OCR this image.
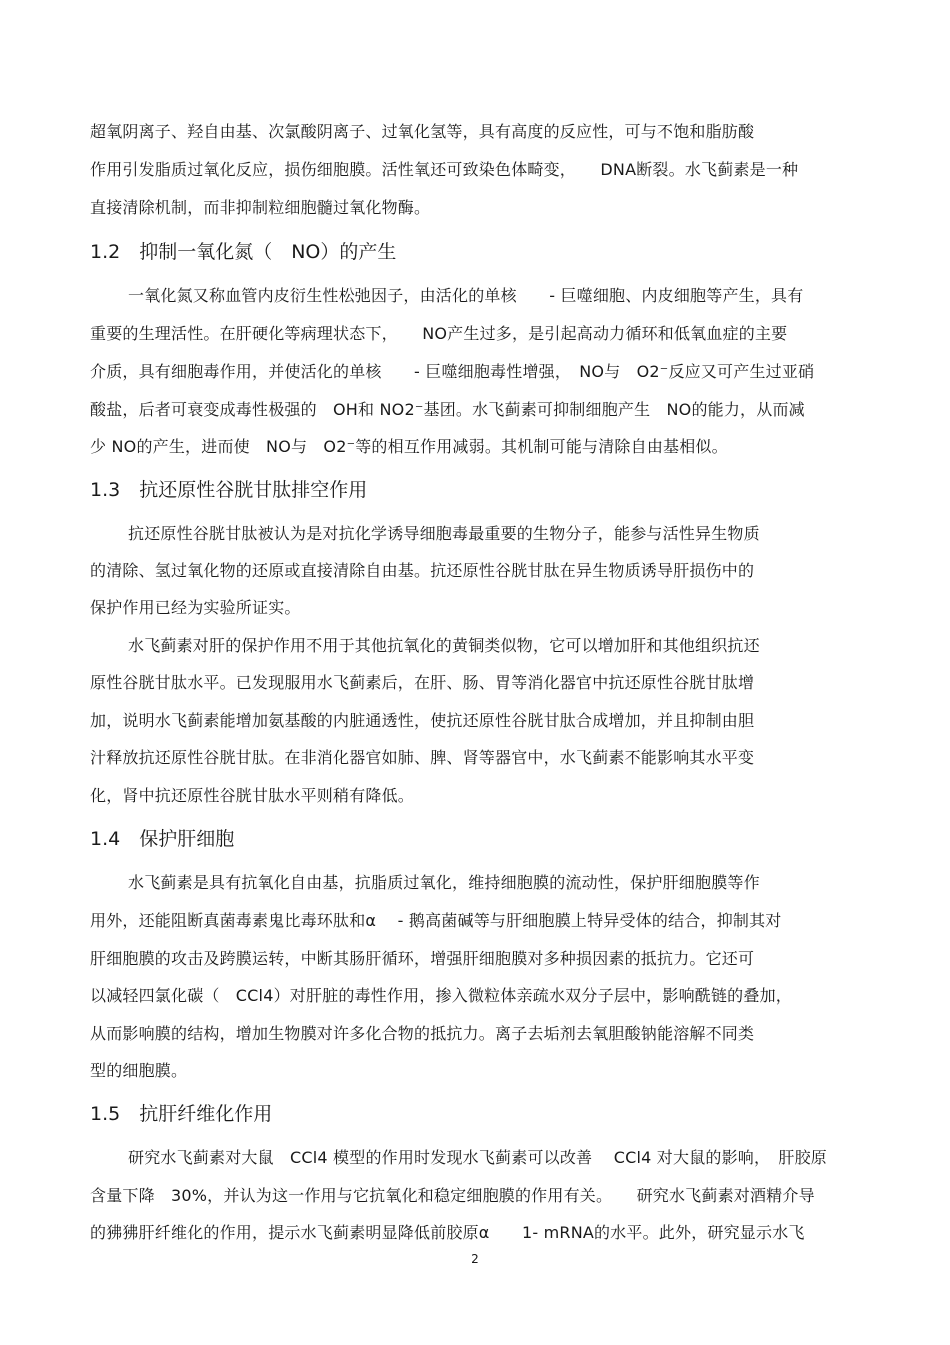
超氧阴离子、羟自由基、次氯酸阴离子、过氧化氢等，具有高度的反应性，可与不饱和脂肪酸
作用引发脂质过氧化反应，损伤细胞膜。活性氧还可致染色体畸变，　　DNA断裂。水飞蓟素是一种
直接清除机制，而非抑制粒细胞髓过氧化物酶。
1.2　抑制一氧化氮（　NO）的产生
一氧化氮又称血管内皮衍生性松弛因子，由活化的单核　　- 巨噬细胞、内皮细胞等产生，具有
重要的生理活性。在肝硬化等病理状态下，　　NO产生过多，是引起高动力循环和低氧血症的主要
介质，具有细胞毒作用，并使活化的单核　　- 巨噬细胞毒性增强，　NO与　O2⁻反应又可产生过亚硝
酸盐，后者可衰变成毒性极强的　OH和 NO2⁻基团。水飞蓟素可抑制细胞产生　NO的能力，从而减
少 NO的产生，进而使　NO与　O2⁻等的相互作用减弱。其机制可能与清除自由基相似。
1.3　抗还原性谷胱甘肽排空作用
抗还原性谷胱甘肽被认为是对抗化学诱导细胞毒最重要的生物分子，能参与活性异生物质
的清除、氢过氧化物的还原或直接清除自由基。抗还原性谷胱甘肽在异生物质诱导肝损伤中的
保护作用已经为实验所证实。
水飞蓟素对肝的保护作用不用于其他抗氧化的黄铜类似物，它可以增加肝和其他组织抗还
原性谷胱甘肽水平。已发现服用水飞蓟素后，在肝、肠、胃等消化器官中抗还原性谷胱甘肽增
加，说明水飞蓟素能增加氨基酸的内脏通透性，使抗还原性谷胱甘肽合成增加，并且抑制由胆
汁释放抗还原性谷胱甘肽。在非消化器官如肺、脾、肾等器官中，水飞蓟素不能影响其水平变
化，肾中抗还原性谷胱甘肽水平则稍有降低。
1.4　保护肝细胞
水飞蓟素是具有抗氧化自由基，抗脂质过氧化，维持细胞膜的流动性，保护肝细胞膜等作
用外，还能阻断真菌毒素鬼比毒环肽和α　 - 鹅高菌碱等与肝细胞膜上特异受体的结合，抑制其对
肝细胞膜的攻击及跨膜运转，中断其肠肝循环，增强肝细胞膜对多种损因素的抵抗力。它还可
以减轻四氯化碳（　CCl4）对肝脏的毒性作用，掺入微粒体亲疏水双分子层中，影响酰链的叠加，
从而影响膜的结构，增加生物膜对许多化合物的抵抗力。离子去垢剂去氧胆酸钠能溶解不同类
型的细胞膜。
1.5　抗肝纤维化作用
研究水飞蓟素对大鼠　CCl4 模型的作用时发现水飞蓟素可以改善　 CCl4 对大鼠的影响，　肝胶原
含量下降　30%，并认为这一作用与它抗氧化和稳定细胞膜的作用有关。　　研究水飞蓟素对酒精介导
的狒狒肝纤维化的作用，提示水飞蓟素明显降低前胶原α　　1- mRNA的水平。此外，研究显示水飞
2
